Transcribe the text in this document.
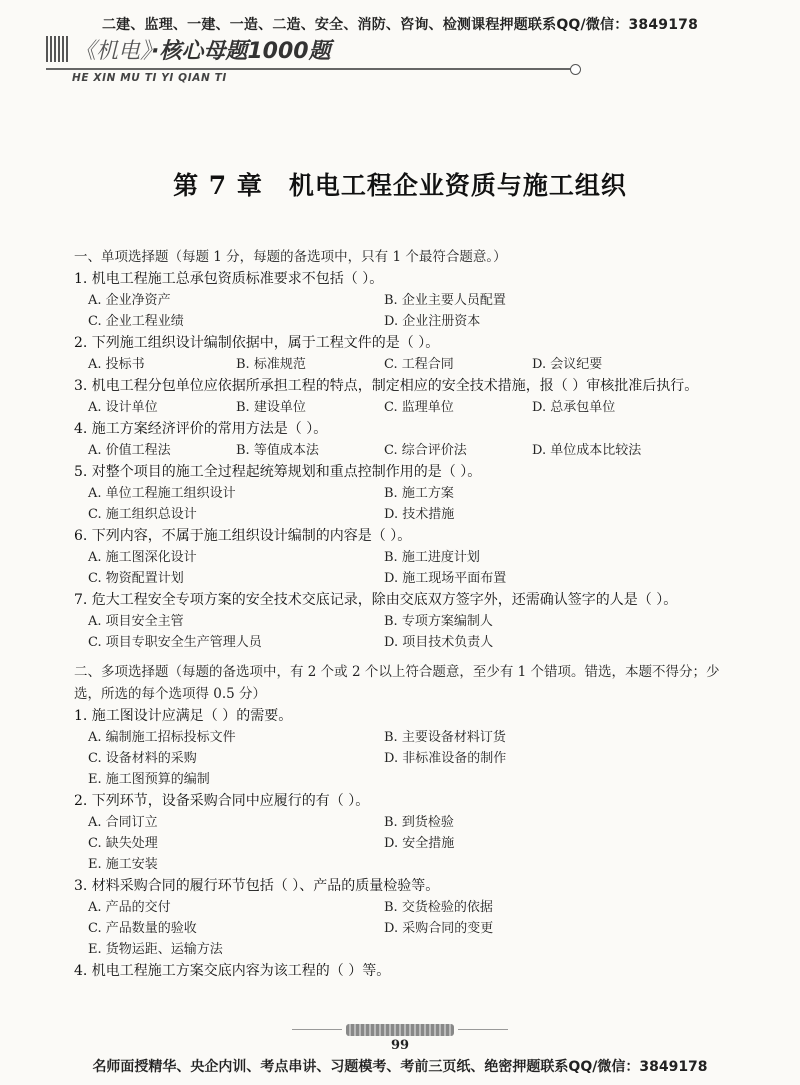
二建、监理、一建、一造、二造、安全、消防、咨询、检测课程押题联系QQ/微信：3849178
《机电》·核心母题1000题
HE XIN MU TI YI QIAN TI
第 7 章　机电工程企业资质与施工组织
一、单项选择题（每题 1 分，每题的备选项中，只有 1 个最符合题意。）
1. 机电工程施工总承包资质标准要求不包括（ ）。
A. 企业净资产	B. 企业主要人员配置
C. 企业工程业绩	D. 企业注册资本
2. 下列施工组织设计编制依据中，属于工程文件的是（ ）。
A. 投标书	B. 标准规范	C. 工程合同	D. 会议纪要
3. 机电工程分包单位应依据所承担工程的特点，制定相应的安全技术措施，报（ ）审核批准后执行。
A. 设计单位	B. 建设单位	C. 监理单位	D. 总承包单位
4. 施工方案经济评价的常用方法是（ ）。
A. 价值工程法	B. 等值成本法	C. 综合评价法	D. 单位成本比较法
5. 对整个项目的施工全过程起统筹规划和重点控制作用的是（ ）。
A. 单位工程施工组织设计	B. 施工方案
C. 施工组织总设计	D. 技术措施
6. 下列内容，不属于施工组织设计编制的内容是（ ）。
A. 施工图深化设计	B. 施工进度计划
C. 物资配置计划	D. 施工现场平面布置
7. 危大工程安全专项方案的安全技术交底记录，除由交底双方签字外，还需确认签字的人是（ ）。
A. 项目安全主管	B. 专项方案编制人
C. 项目专职安全生产管理人员	D. 项目技术负责人
二、多项选择题（每题的备选项中，有 2 个或 2 个以上符合题意，至少有 1 个错项。错选，本题不得分；少选，所选的每个选项得 0.5 分）
1. 施工图设计应满足（ ）的需要。
A. 编制施工招标投标文件	B. 主要设备材料订货
C. 设备材料的采购	D. 非标准设备的制作
E. 施工图预算的编制
2. 下列环节，设备采购合同中应履行的有（ ）。
A. 合同订立	B. 到货检验
C. 缺失处理	D. 安全措施
E. 施工安装
3. 材料采购合同的履行环节包括（ ）、产品的质量检验等。
A. 产品的交付	B. 交货检验的依据
C. 产品数量的验收	D. 采购合同的变更
E. 货物运距、运输方法
4. 机电工程施工方案交底内容为该工程的（ ）等。
99
名师面授精华、央企内训、考点串讲、习题模考、考前三页纸、绝密押题联系QQ/微信：3849178
